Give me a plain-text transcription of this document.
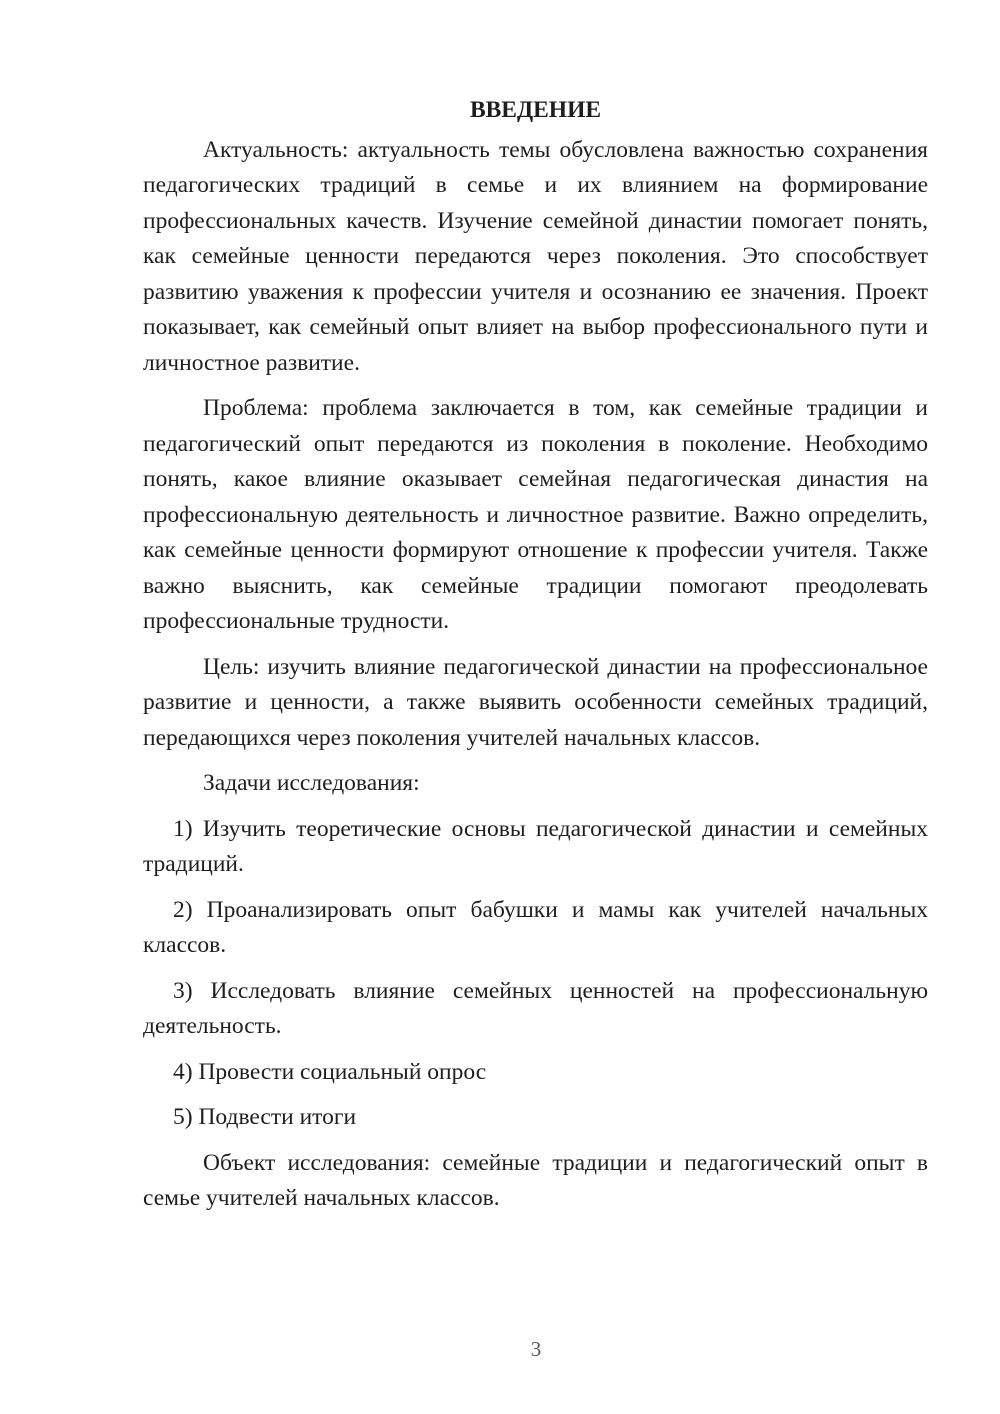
ВВЕДЕНИЕ

Актуальность: актуальность темы обусловлена важностью сохранения педагогических традиций в семье и их влиянием на формирование профессиональных качеств. Изучение семейной династии помогает понять, как семейные ценности передаются через поколения. Это способствует развитию уважения к профессии учителя и осознанию ее значения. Проект показывает, как семейный опыт влияет на выбор профессионального пути и личностное развитие.

Проблема: проблема заключается в том, как семейные традиции и педагогический опыт передаются из поколения в поколение. Необходимо понять, какое влияние оказывает семейная педагогическая династия на профессиональную деятельность и личностное развитие. Важно определить, как семейные ценности формируют отношение к профессии учителя. Также важно выяснить, как семейные традиции помогают преодолевать профессиональные трудности.

Цель: изучить влияние педагогической династии на профессиональное развитие и ценности, а также выявить особенности семейных традиций, передающихся через поколения учителей начальных классов.

Задачи исследования:

1) Изучить теоретические основы педагогической династии и семейных традиций.

2) Проанализировать опыт бабушки и мамы как учителей начальных классов.

3) Исследовать влияние семейных ценностей на профессиональную деятельность.

4) Провести социальный опрос

5) Подвести итоги

Объект исследования: семейные традиции и педагогический опыт в семье учителей начальных классов.

3
